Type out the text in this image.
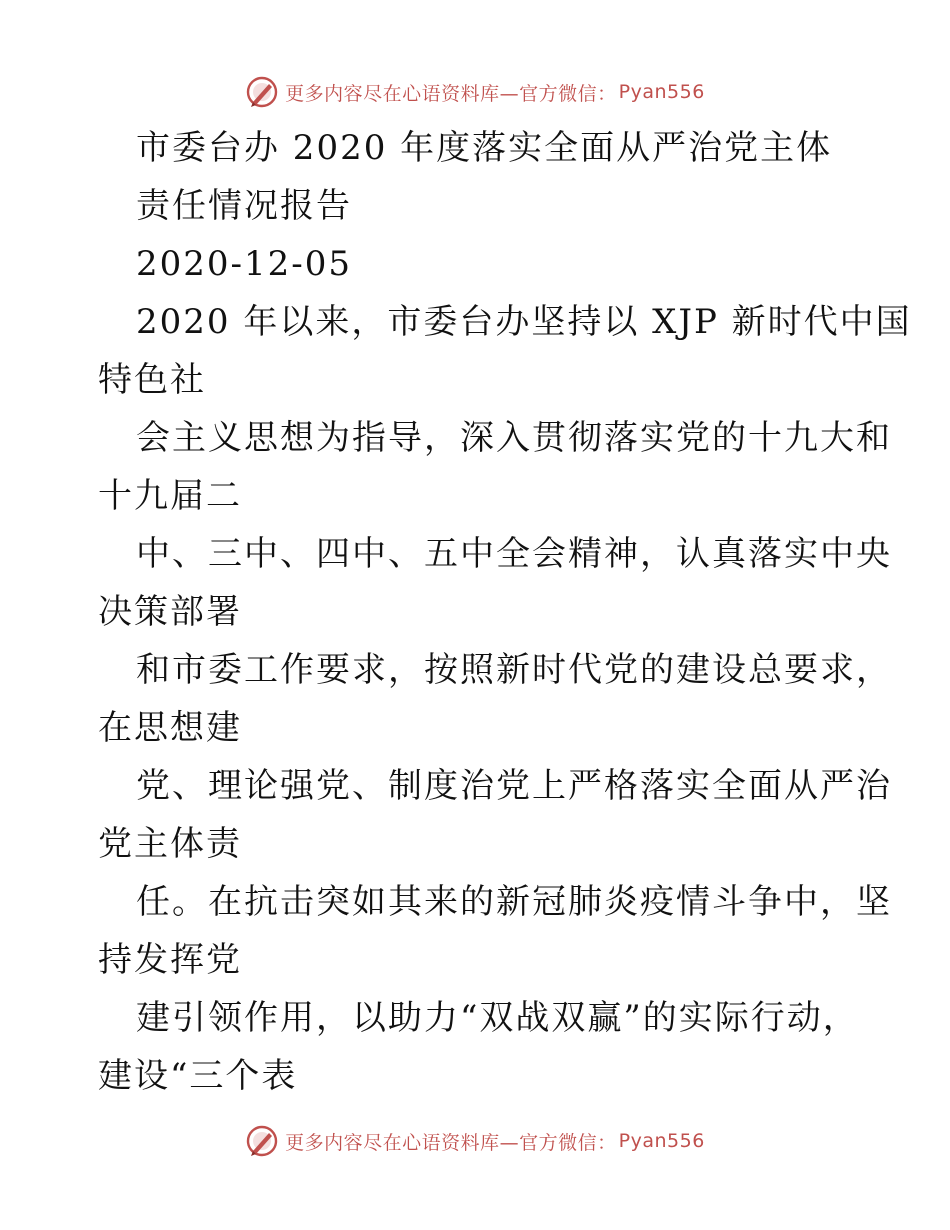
更多内容尽在心语资料库—官方微信： Pyan556
市委台办 2020 年度落实全面从严治党主体
责任情况报告
2020-12-05
2020 年以来，市委台办坚持以 XJP 新时代中国
特色社
会主义思想为指导，深入贯彻落实党的十九大和
十九届二
中、三中、四中、五中全会精神，认真落实中央
决策部署
和市委工作要求，按照新时代党的建设总要求，
在思想建
党、理论强党、制度治党上严格落实全面从严治
党主体责
任。在抗击突如其来的新冠肺炎疫情斗争中，坚
持发挥党
建引领作用，以助力“双战双赢”的实际行动，
建设“三个表
更多内容尽在心语资料库—官方微信： Pyan556
